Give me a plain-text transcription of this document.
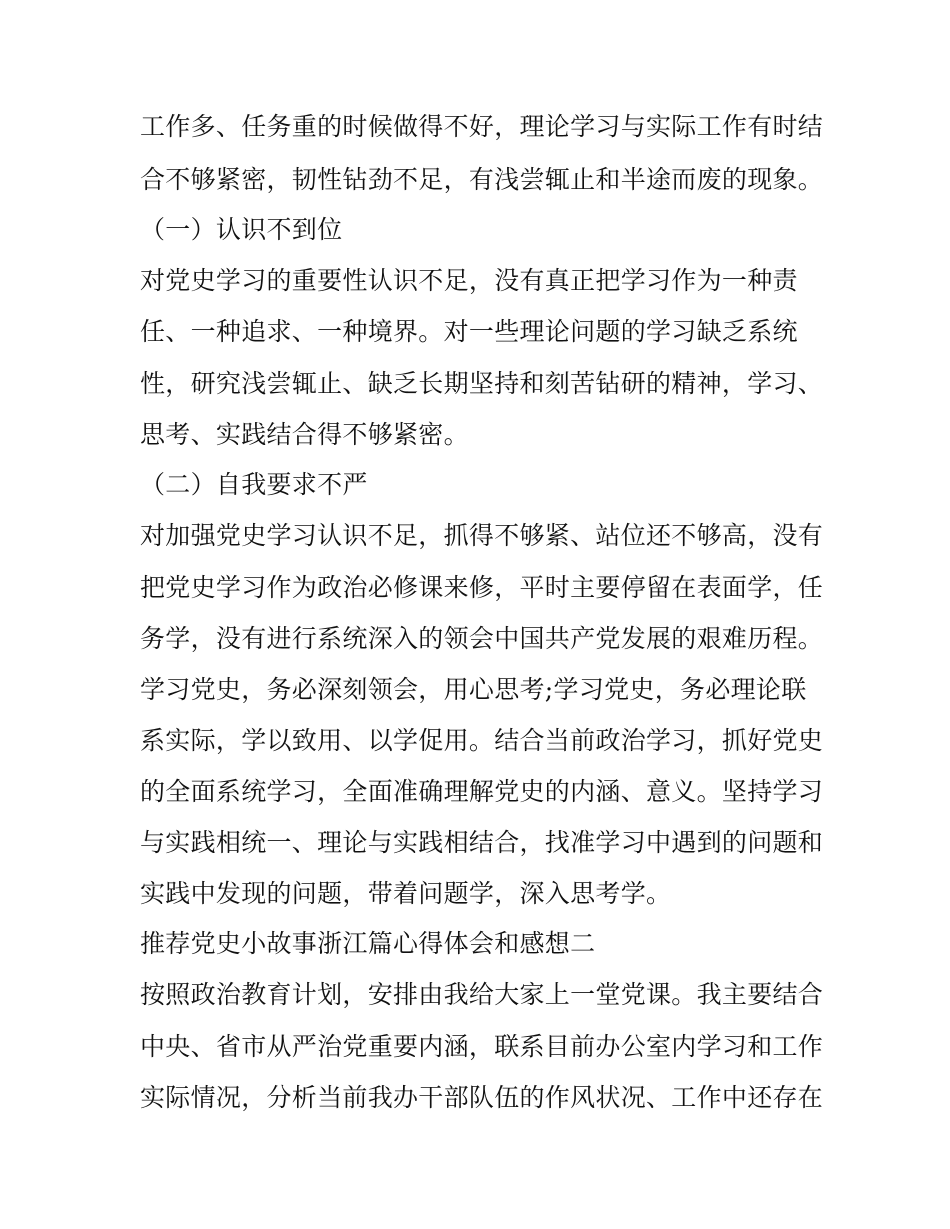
工作多、任务重的时候做得不好，理论学习与实际工作有时结
合不够紧密，韧性钻劲不足，有浅尝辄止和半途而废的现象。
（一）认识不到位
对党史学习的重要性认识不足，没有真正把学习作为一种责
任、一种追求、一种境界。对一些理论问题的学习缺乏系统
性，研究浅尝辄止、缺乏长期坚持和刻苦钻研的精神，学习、
思考、实践结合得不够紧密。
（二）自我要求不严
对加强党史学习认识不足，抓得不够紧、站位还不够高，没有
把党史学习作为政治必修课来修，平时主要停留在表面学，任
务学，没有进行系统深入的领会中国共产党发展的艰难历程。
学习党史，务必深刻领会，用心思考;学习党史，务必理论联
系实际，学以致用、以学促用。结合当前政治学习，抓好党史
的全面系统学习，全面准确理解党史的内涵、意义。坚持学习
与实践相统一、理论与实践相结合，找准学习中遇到的问题和
实践中发现的问题，带着问题学，深入思考学。
推荐党史小故事浙江篇心得体会和感想二
按照政治教育计划，安排由我给大家上一堂党课。我主要结合
中央、省市从严治党重要内涵，联系目前办公室内学习和工作
实际情况，分析当前我办干部队伍的作风状况、工作中还存在
